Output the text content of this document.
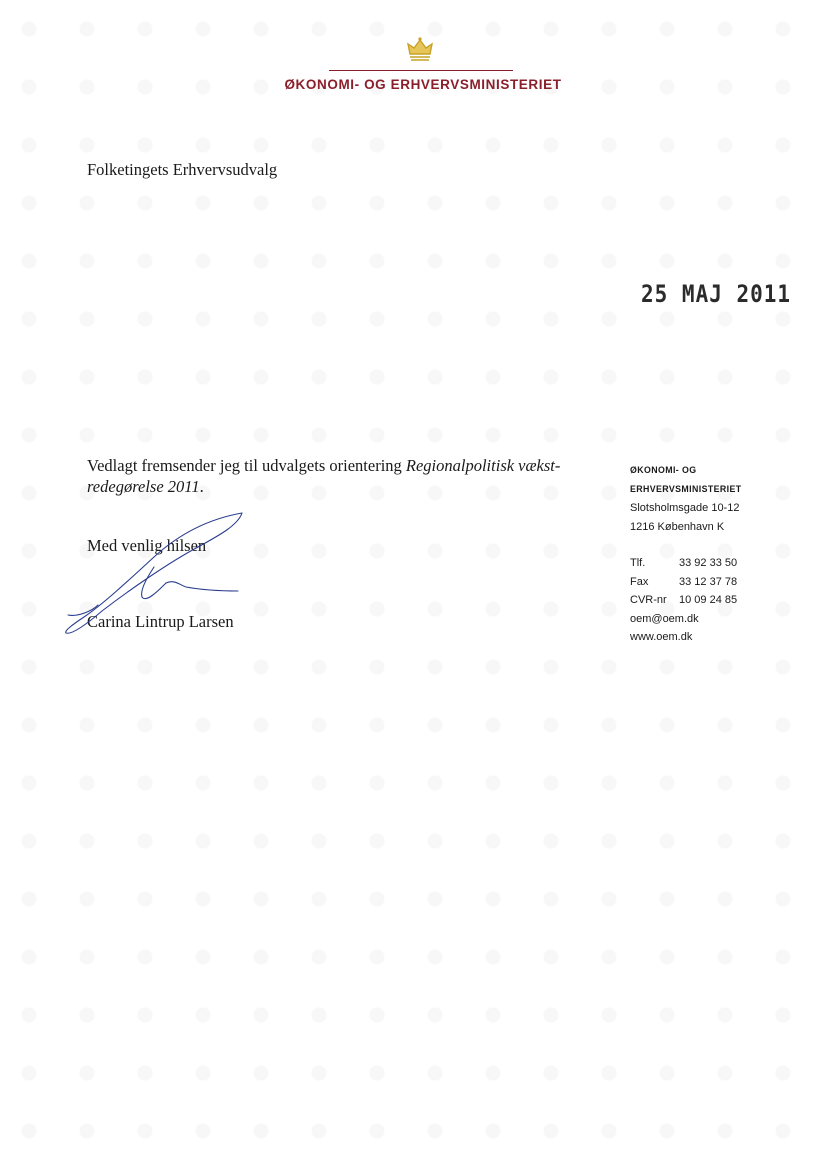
ØKONOMI- OG ERHVERVSMINISTERIET
Folketingets Erhvervsudvalg
25 MAJ 2011
Vedlagt fremsender jeg til udvalgets orientering Regionalpolitisk vækst-redegørelse 2011.
Med venlig hilsen
Carina Lintrup Larsen
ØKONOMI- OG
ERHVERVSMINISTERIET
Slotsholmsgade 10-12
1216 København K
Tlf.	33 92 33 50
Fax	33 12 37 78
CVR-nr	10 09 24 85
oem@oem.dk
www.oem.dk
